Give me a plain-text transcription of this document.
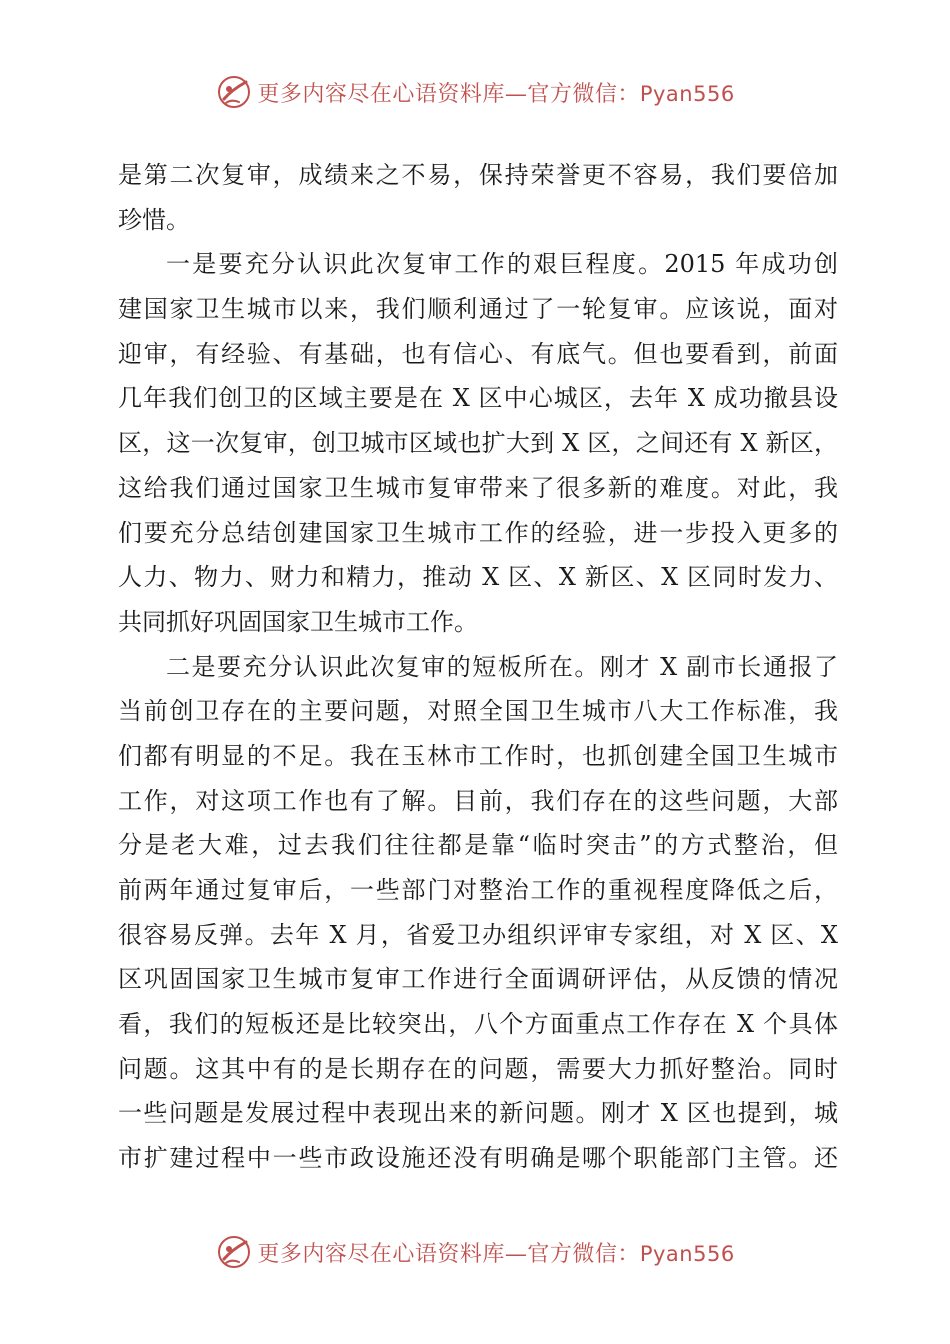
更多内容尽在心语资料库—官方微信：Pyan556
是第二次复审，成绩来之不易，保持荣誉更不容易，我们要倍加
珍惜。
一是要充分认识此次复审工作的艰巨程度。2015 年成功创
建国家卫生城市以来，我们顺利通过了一轮复审。应该说，面对
迎审，有经验、有基础，也有信心、有底气。但也要看到，前面
几年我们创卫的区域主要是在 X 区中心城区，去年 X 成功撤县设
区，这一次复审，创卫城市区域也扩大到 X 区，之间还有 X 新区，
这给我们通过国家卫生城市复审带来了很多新的难度。对此，我
们要充分总结创建国家卫生城市工作的经验，进一步投入更多的
人力、物力、财力和精力，推动 X 区、X 新区、X 区同时发力、
共同抓好巩固国家卫生城市工作。
二是要充分认识此次复审的短板所在。刚才 X 副市长通报了
当前创卫存在的主要问题，对照全国卫生城市八大工作标准，我
们都有明显的不足。我在玉林市工作时，也抓创建全国卫生城市
工作，对这项工作也有了解。目前，我们存在的这些问题，大部
分是老大难，过去我们往往都是靠“临时突击”的方式整治，但
前两年通过复审后，一些部门对整治工作的重视程度降低之后，
很容易反弹。去年 X 月，省爱卫办组织评审专家组，对 X 区、X
区巩固国家卫生城市复审工作进行全面调研评估，从反馈的情况
看，我们的短板还是比较突出，八个方面重点工作存在 X 个具体
问题。这其中有的是长期存在的问题，需要大力抓好整治。同时
一些问题是发展过程中表现出来的新问题。刚才 X 区也提到，城
市扩建过程中一些市政设施还没有明确是哪个职能部门主管。还
更多内容尽在心语资料库—官方微信：Pyan556
